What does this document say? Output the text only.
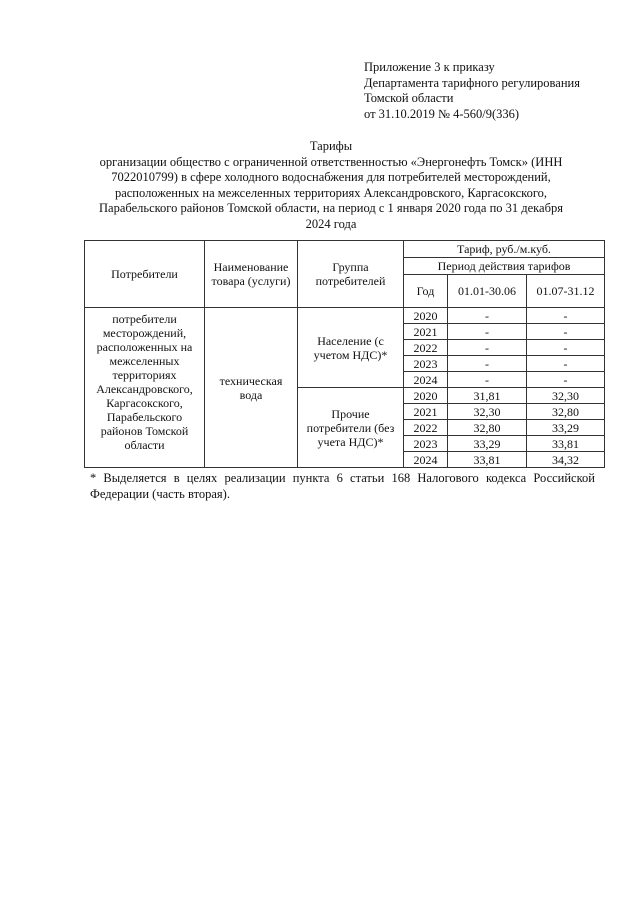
Приложение 3 к приказу
Департамента тарифного регулирования
Томской области
от 31.10.2019 № 4-560/9(336)
Тарифы
организации общество с ограниченной ответственностью «Энергонефть Томск» (ИНН 7022010799) в сфере холодного водоснабжения для потребителей месторождений, расположенных на межселенных территориях Александровского, Каргасокского, Парабельского районов Томской области, на период с 1 января 2020 года по 31 декабря 2024 года
Потребители	Наименование товара (услуги)	Группа потребителей	Тариф, руб./м.куб.		
			Период действия тарифов		
			Год	01.01-30.06	01.07-31.12
потребители месторождений, расположенных на межселенных территориях Александровского, Каргасокского, Парабельского районов Томской области	техническая вода	Население (с учетом НДС)*	2020	-	-
			2021	-	-
			2022	-	-
			2023	-	-
			2024	-	-
		Прочие потребители (без учета НДС)*	2020	31,81	32,30
			2021	32,30	32,80
			2022	32,80	33,29
			2023	33,29	33,81
			2024	33,81	34,32
* Выделяется в целях реализации пункта 6 статьи 168 Налогового кодекса Российской Федерации (часть вторая).
